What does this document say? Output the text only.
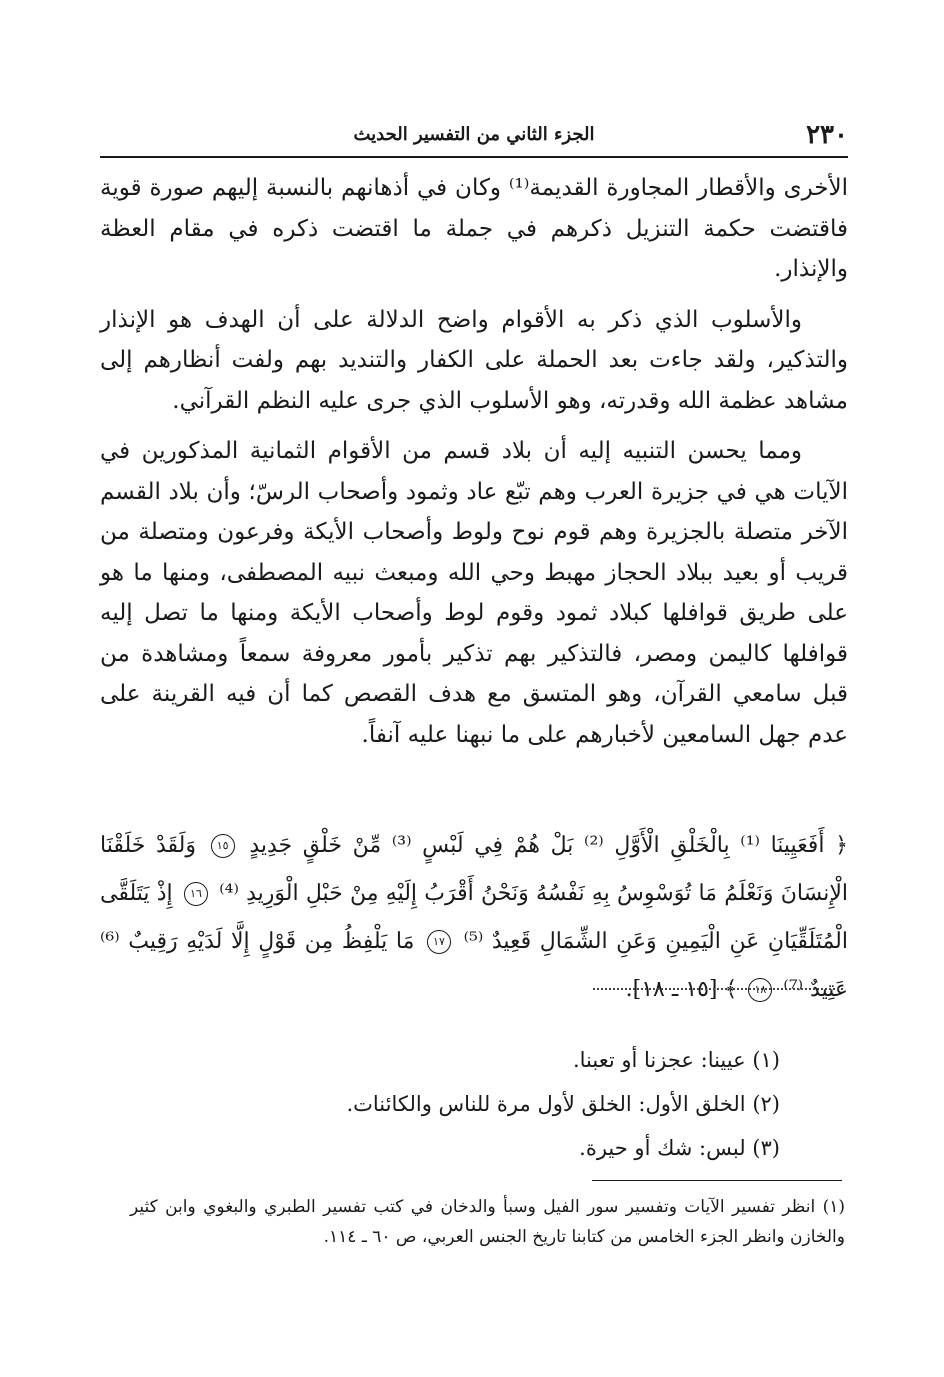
٢٣٠
الجزء الثاني من التفسير الحديث

الأخرى والأقطار المجاورة القديمة⁽¹⁾ وكان في أذهانهم بالنسبة إليهم صورة قوية فاقتضت حكمة التنزيل ذكرهم في جملة ما اقتضت ذكره في مقام العظة والإنذار.

والأسلوب الذي ذكر به الأقوام واضح الدلالة على أن الهدف هو الإنذار والتذكير، ولقد جاءت بعد الحملة على الكفار والتنديد بهم ولفت أنظارهم إلى مشاهد عظمة الله وقدرته، وهو الأسلوب الذي جرى عليه النظم القرآني.

ومما يحسن التنبيه إليه أن بلاد قسم من الأقوام الثمانية المذكورين في الآيات هي في جزيرة العرب وهم تبّع عاد وثمود وأصحاب الرسّ؛ وأن بلاد القسم الآخر متصلة بالجزيرة وهم قوم نوح ولوط وأصحاب الأيكة وفرعون ومتصلة من قريب أو بعيد ببلاد الحجاز مهبط وحي الله ومبعث نبيه المصطفى، ومنها ما هو على طريق قوافلها كبلاد ثمود وقوم لوط وأصحاب الأيكة ومنها ما تصل إليه قوافلها كاليمن ومصر، فالتذكير بهم تذكير بأمور معروفة سمعاً ومشاهدة من قبل سامعي القرآن، وهو المتسق مع هدف القصص كما أن فيه القرينة على عدم جهل السامعين لأخبارهم على ما نبهنا عليه آنفاً.

﴿ أَفَعَيِينَا ⁽¹⁾ بِالْخَلْقِ الْأَوَّلِ ⁽²⁾ بَلْ هُمْ فِي لَبْسٍ ⁽³⁾ مِّنْ خَلْقٍ جَدِيدٍ ١٥ وَلَقَدْ خَلَقْنَا الْإِنسَانَ وَنَعْلَمُ مَا تُوَسْوِسُ بِهِ نَفْسُهُ وَنَحْنُ أَقْرَبُ إِلَيْهِ مِنْ حَبْلِ الْوَرِيدِ ⁽⁴⁾ ١٦ إِذْ يَتَلَقَّى الْمُتَلَقِّيَانِ عَنِ الْيَمِينِ وَعَنِ الشِّمَالِ قَعِيدٌ ⁽⁵⁾ ١٧ مَا يَلْفِظُ مِن قَوْلٍ إِلَّا لَدَيْهِ رَقِيبٌ ⁽⁶⁾ عَتِيدٌ ⁽⁷⁾ ١٨ ﴾ [١٥ ـ ١٨].
(١) عيينا: عجزنا أو تعبنا.
(٢) الخلق الأول: الخلق لأول مرة للناس والكائنات.
(٣) لبس: شك أو حيرة.
(١) انظر تفسير الآيات وتفسير سور الفيل وسبأ والدخان في كتب تفسير الطبري والبغوي وابن كثير والخازن وانظر الجزء الخامس من كتابنا تاريخ الجنس العربي، ص ٦٠ ـ ١١٤.
